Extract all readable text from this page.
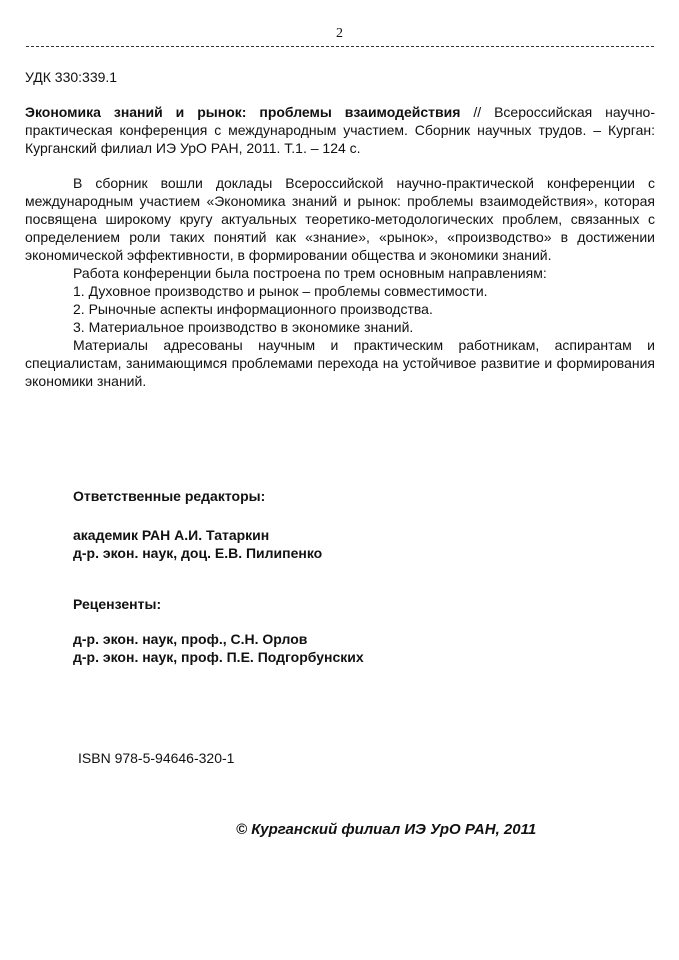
2
УДК 330:339.1
Экономика знаний и рынок: проблемы взаимодействия // Всероссийская научно-практическая конференция с международным участием. Сборник научных трудов. – Курган: Курганский филиал ИЭ УрО РАН, 2011. Т.1. – 124 с.

В сборник вошли доклады Всероссийской научно-практической конференции с международным участием «Экономика знаний и рынок: проблемы взаимодействия», которая посвящена широкому кругу актуальных теоретико-методологических проблем, связанных с определением роли таких понятий как «знание», «рынок», «производство» в достижении экономической эффективности, в формировании общества и экономики знаний.

Работа конференции была построена по трем основным направлениям:

1. Духовное производство и рынок – проблемы совместимости.

2. Рыночные аспекты информационного производства.

3. Материальное производство в экономике знаний.

Материалы адресованы научным и практическим работникам, аспирантам и специалистам, занимающимся проблемами перехода на устойчивое развитие и формирования экономики знаний.

Ответственные редакторы:
академик РАН А.И. Татаркин
д-р. экон. наук, доц. Е.В. Пилипенко
Рецензенты:
д-р. экон. наук, проф., С.Н. Орлов
д-р. экон. наук, проф. П.Е. Подгорбунских
ISBN 978-5-94646-320-1
© Курганский филиал ИЭ УрО РАН, 2011
